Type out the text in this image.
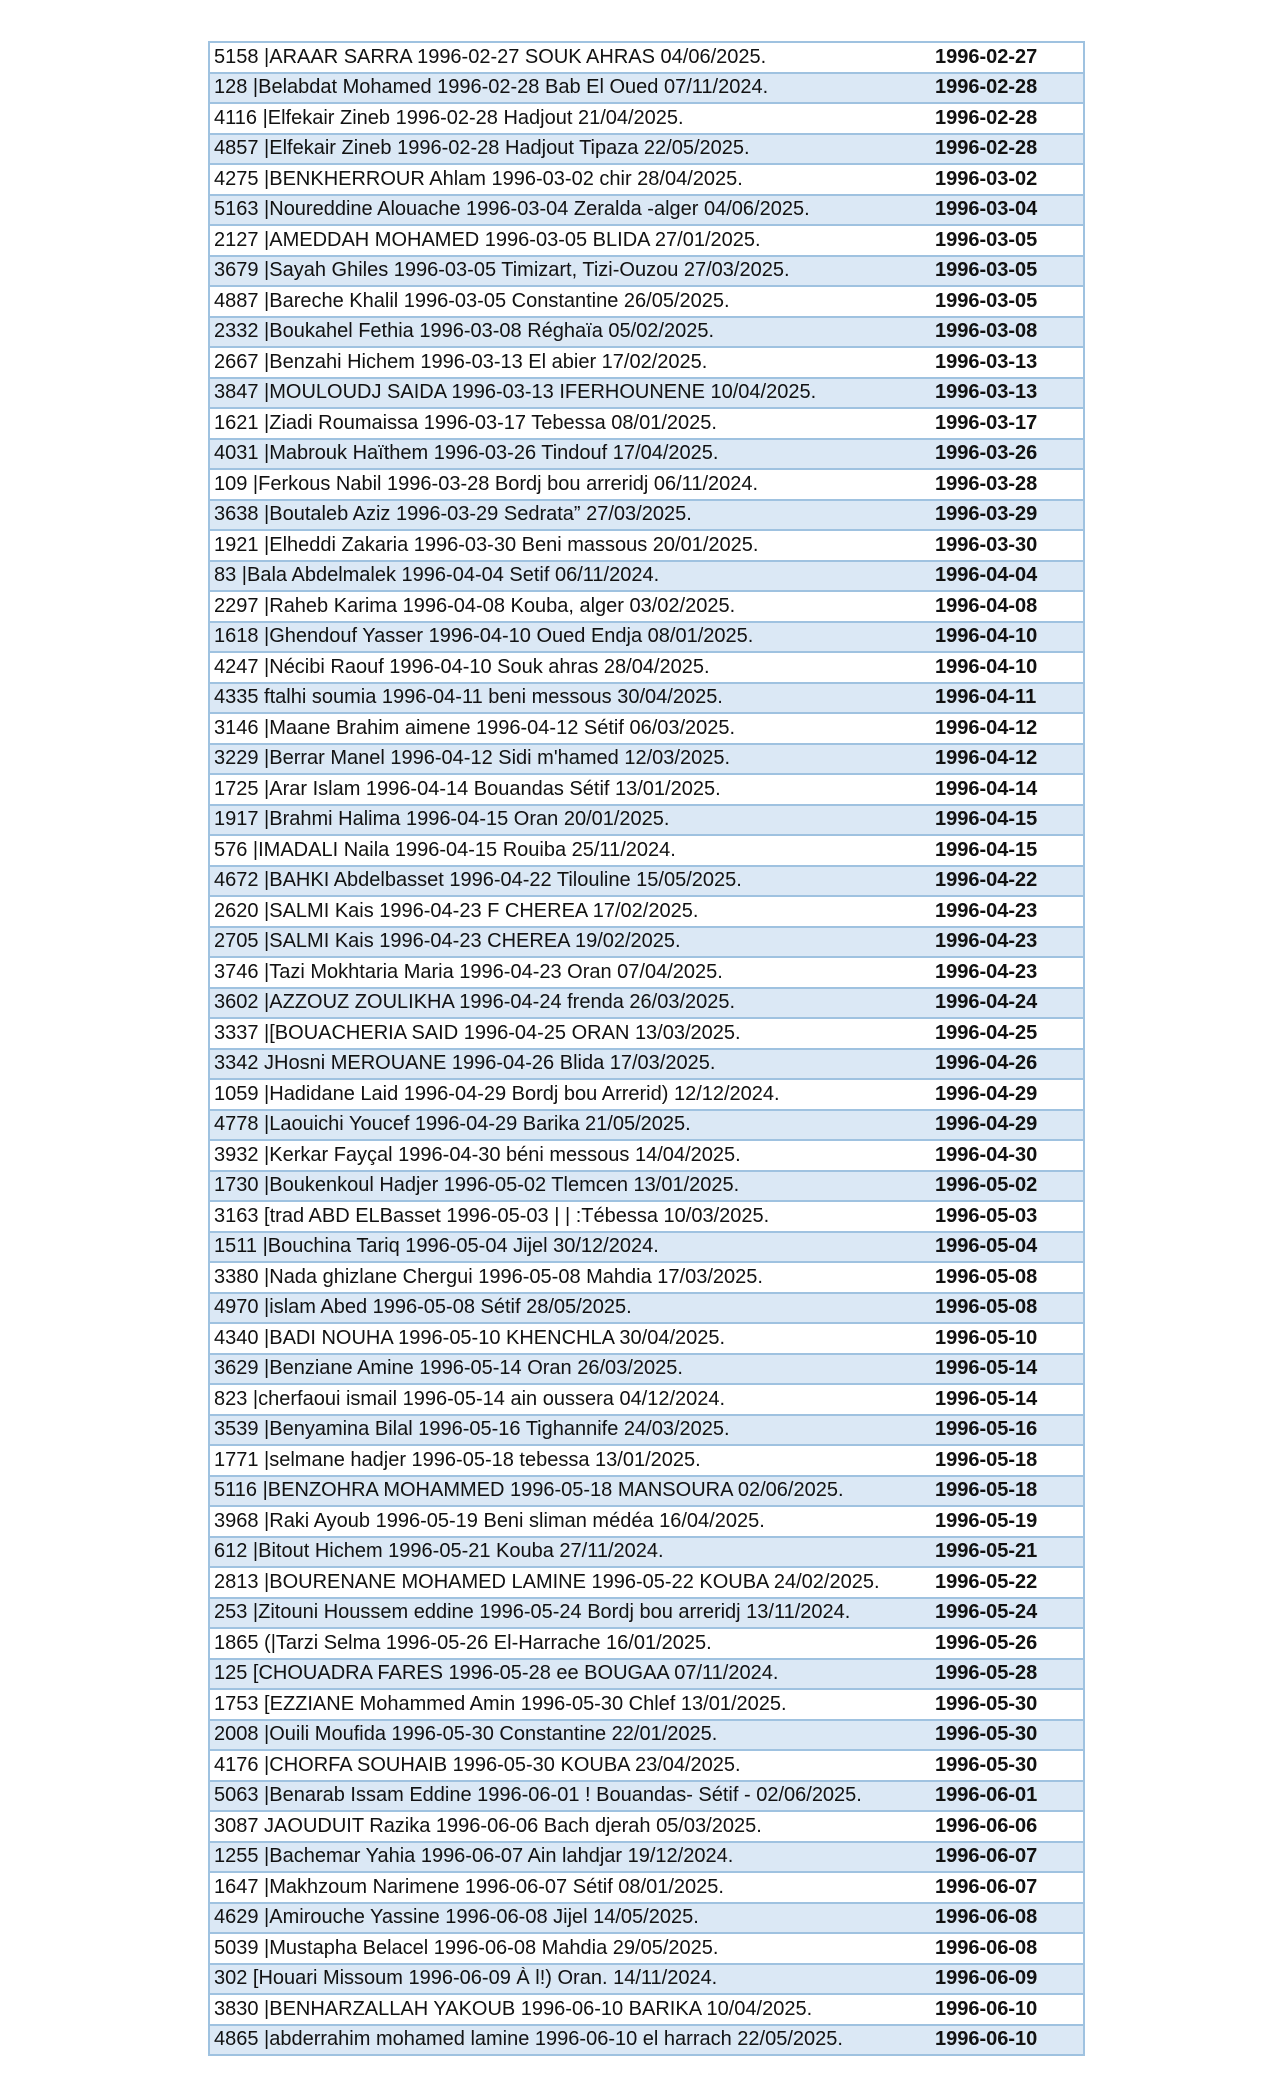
5158 |ARAAR SARRA 1996-02-27 SOUK AHRAS 04/06/2025.	1996-02-27
128 |Belabdat Mohamed 1996-02-28 Bab El Oued 07/11/2024.	1996-02-28
4116 |Elfekair Zineb 1996-02-28 Hadjout 21/04/2025.	1996-02-28
4857 |Elfekair Zineb 1996-02-28 Hadjout Tipaza 22/05/2025.	1996-02-28
4275 |BENKHERROUR Ahlam 1996-03-02 chir 28/04/2025.	1996-03-02
5163 |Noureddine Alouache 1996-03-04 Zeralda -alger 04/06/2025.	1996-03-04
2127 |AMEDDAH MOHAMED 1996-03-05 BLIDA 27/01/2025.	1996-03-05
3679 |Sayah Ghiles 1996-03-05 Timizart, Tizi-Ouzou 27/03/2025.	1996-03-05
4887 |Bareche Khalil 1996-03-05 Constantine 26/05/2025.	1996-03-05
2332 |Boukahel Fethia 1996-03-08 Réghaïa 05/02/2025.	1996-03-08
2667 |Benzahi Hichem 1996-03-13 El abier 17/02/2025.	1996-03-13
3847 |MOULOUDJ SAIDA 1996-03-13 IFERHOUNENE 10/04/2025.	1996-03-13
1621 |Ziadi Roumaissa 1996-03-17 Tebessa 08/01/2025.	1996-03-17
4031 |Mabrouk Haïthem 1996-03-26 Tindouf 17/04/2025.	1996-03-26
109 |Ferkous Nabil 1996-03-28 Bordj bou arreridj 06/11/2024.	1996-03-28
3638 |Boutaleb Aziz 1996-03-29 Sedrata” 27/03/2025.	1996-03-29
1921 |Elheddi Zakaria 1996-03-30 Beni massous 20/01/2025.	1996-03-30
83 |Bala Abdelmalek 1996-04-04 Setif 06/11/2024.	1996-04-04
2297 |Raheb Karima 1996-04-08 Kouba, alger 03/02/2025.	1996-04-08
1618 |Ghendouf Yasser 1996-04-10 Oued Endja 08/01/2025.	1996-04-10
4247 |Nécibi Raouf 1996-04-10 Souk ahras 28/04/2025.	1996-04-10
4335 ftalhi soumia 1996-04-11 beni messous 30/04/2025.	1996-04-11
3146 |Maane Brahim aimene 1996-04-12 Sétif 06/03/2025.	1996-04-12
3229 |Berrar Manel 1996-04-12 Sidi m'hamed 12/03/2025.	1996-04-12
1725 |Arar Islam 1996-04-14 Bouandas Sétif 13/01/2025.	1996-04-14
1917 |Brahmi Halima 1996-04-15 Oran 20/01/2025.	1996-04-15
576 |IMADALI Naila 1996-04-15 Rouiba 25/11/2024.	1996-04-15
4672 |BAHKI Abdelbasset 1996-04-22 Tilouline 15/05/2025.	1996-04-22
2620 |SALMI Kais 1996-04-23 F CHEREA 17/02/2025.	1996-04-23
2705 |SALMI Kais 1996-04-23 CHEREA 19/02/2025.	1996-04-23
3746 |Tazi Mokhtaria Maria 1996-04-23 Oran 07/04/2025.	1996-04-23
3602 |AZZOUZ ZOULIKHA 1996-04-24 frenda 26/03/2025.	1996-04-24
3337 |[BOUACHERIA SAID 1996-04-25 ORAN 13/03/2025.	1996-04-25
3342 JHosni MEROUANE 1996-04-26 Blida 17/03/2025.	1996-04-26
1059 |Hadidane Laid 1996-04-29 Bordj bou Arrerid) 12/12/2024.	1996-04-29
4778 |Laouichi Youcef 1996-04-29 Barika 21/05/2025.	1996-04-29
3932 |Kerkar Fayçal 1996-04-30 béni messous 14/04/2025.	1996-04-30
1730 |Boukenkoul Hadjer 1996-05-02 Tlemcen 13/01/2025.	1996-05-02
3163 [trad ABD ELBasset 1996-05-03 | | :Tébessa 10/03/2025.	1996-05-03
1511 |Bouchina Tariq 1996-05-04 Jijel 30/12/2024.	1996-05-04
3380 |Nada ghizlane Chergui 1996-05-08 Mahdia 17/03/2025.	1996-05-08
4970 |islam Abed 1996-05-08 Sétif 28/05/2025.	1996-05-08
4340 |BADI NOUHA 1996-05-10 KHENCHLA 30/04/2025.	1996-05-10
3629 |Benziane Amine 1996-05-14 Oran 26/03/2025.	1996-05-14
823 |cherfaoui ismail 1996-05-14 ain oussera 04/12/2024.	1996-05-14
3539 |Benyamina Bilal 1996-05-16 Tighannife 24/03/2025.	1996-05-16
1771 |selmane hadjer 1996-05-18 tebessa 13/01/2025.	1996-05-18
5116 |BENZOHRA MOHAMMED 1996-05-18 MANSOURA 02/06/2025.	1996-05-18
3968 |Raki Ayoub 1996-05-19 Beni sliman médéa 16/04/2025.	1996-05-19
612 |Bitout Hichem 1996-05-21 Kouba 27/11/2024.	1996-05-21
2813 |BOURENANE MOHAMED LAMINE 1996-05-22 KOUBA 24/02/2025.	1996-05-22
253 |Zitouni Houssem eddine 1996-05-24 Bordj bou arreridj 13/11/2024.	1996-05-24
1865 (|Tarzi Selma 1996-05-26 El-Harrache 16/01/2025.	1996-05-26
125 [CHOUADRA FARES 1996-05-28 ee BOUGAA 07/11/2024.	1996-05-28
1753 [EZZIANE Mohammed Amin 1996-05-30 Chlef 13/01/2025.	1996-05-30
2008 |Ouili Moufida 1996-05-30 Constantine 22/01/2025.	1996-05-30
4176 |CHORFA SOUHAIB 1996-05-30 KOUBA 23/04/2025.	1996-05-30
5063 |Benarab Issam Eddine 1996-06-01 ! Bouandas- Sétif - 02/06/2025.	1996-06-01
3087 JAOUDUIT Razika 1996-06-06 Bach djerah 05/03/2025.	1996-06-06
1255 |Bachemar Yahia 1996-06-07 Ain lahdjar 19/12/2024.	1996-06-07
1647 |Makhzoum Narimene 1996-06-07 Sétif 08/01/2025.	1996-06-07
4629 |Amirouche Yassine 1996-06-08 Jijel 14/05/2025.	1996-06-08
5039 |Mustapha Belacel 1996-06-08 Mahdia 29/05/2025.	1996-06-08
302 [Houari Missoum 1996-06-09 À l!) Oran. 14/11/2024.	1996-06-09
3830 |BENHARZALLAH YAKOUB 1996-06-10 BARIKA 10/04/2025.	1996-06-10
4865 |abderrahim mohamed lamine 1996-06-10 el harrach 22/05/2025.	1996-06-10
